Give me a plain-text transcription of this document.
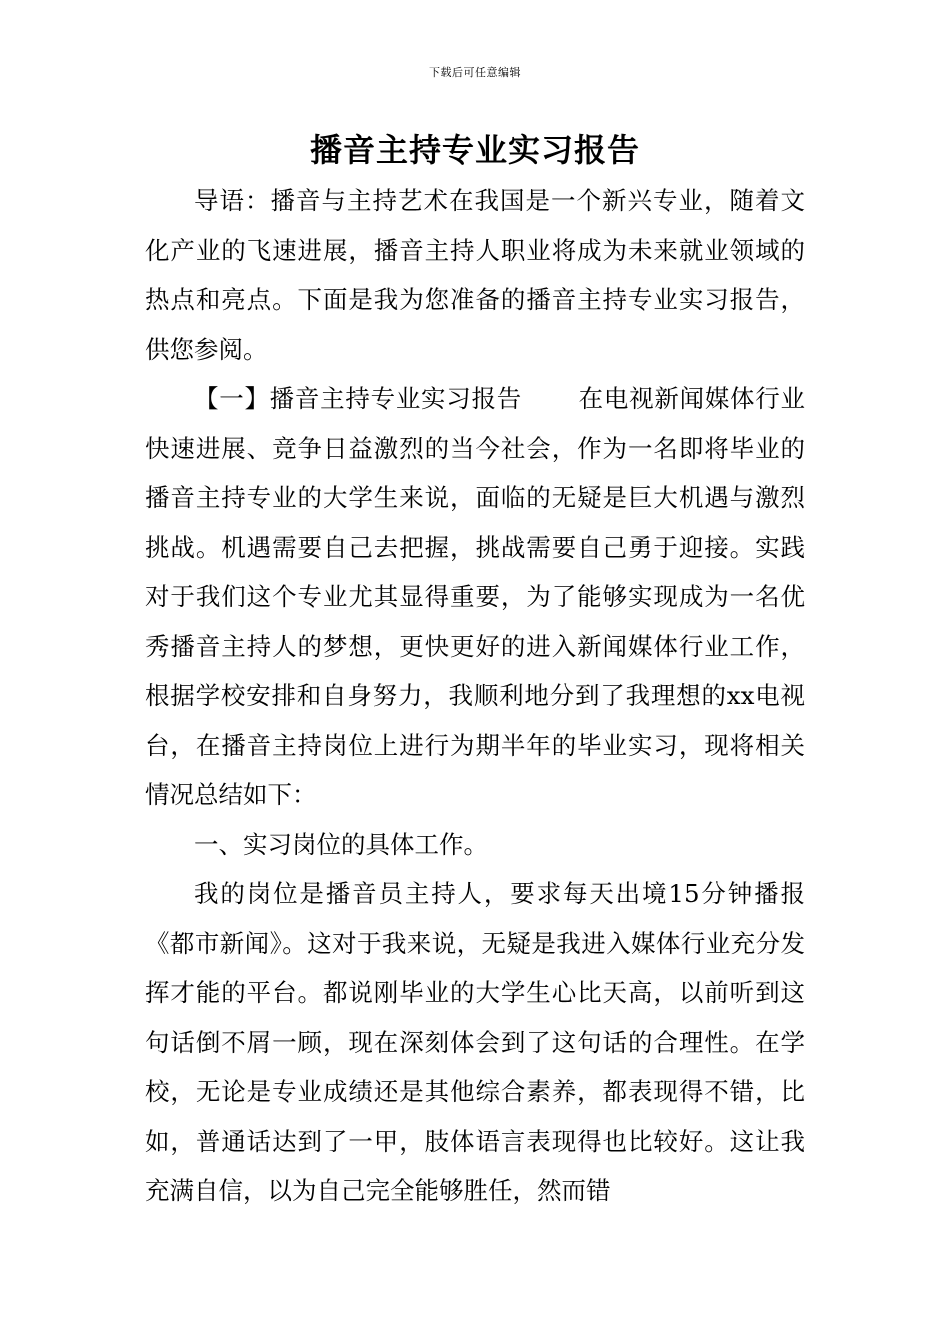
下载后可任意编辑
播音主持专业实习报告

导语：播音与主持艺术在我国是一个新兴专业，随着文化产业的飞速进展，播音主持人职业将成为未来就业领域的热点和亮点。下面是我为您准备的播音主持专业实习报告，供您参阅。

【一】播音主持专业实习报告 在电视新闻媒体行业快速进展、竞争日益激烈的当今社会，作为一名即将毕业的播音主持专业的大学生来说，面临的无疑是巨大机遇与激烈挑战。机遇需要自己去把握，挑战需要自己勇于迎接。实践对于我们这个专业尤其显得重要，为了能够实现成为一名优秀播音主持人的梦想，更快更好的进入新闻媒体行业工作，根据学校安排和自身努力，我顺利地分到了我理想的xx电视台，在播音主持岗位上进行为期半年的毕业实习，现将相关情况总结如下：

一、实习岗位的具体工作。

我的岗位是播音员主持人，要求每天出境15分钟播报《都市新闻》。这对于我来说，无疑是我进入媒体行业充分发挥才能的平台。都说刚毕业的大学生心比天高，以前听到这句话倒不屑一顾，现在深刻体会到了这句话的合理性。在学校，无论是专业成绩还是其他综合素养，都表现得不错，比如，普通话达到了一甲，肢体语言表现得也比较好。这让我充满自信，以为自己完全能够胜任，然而错
